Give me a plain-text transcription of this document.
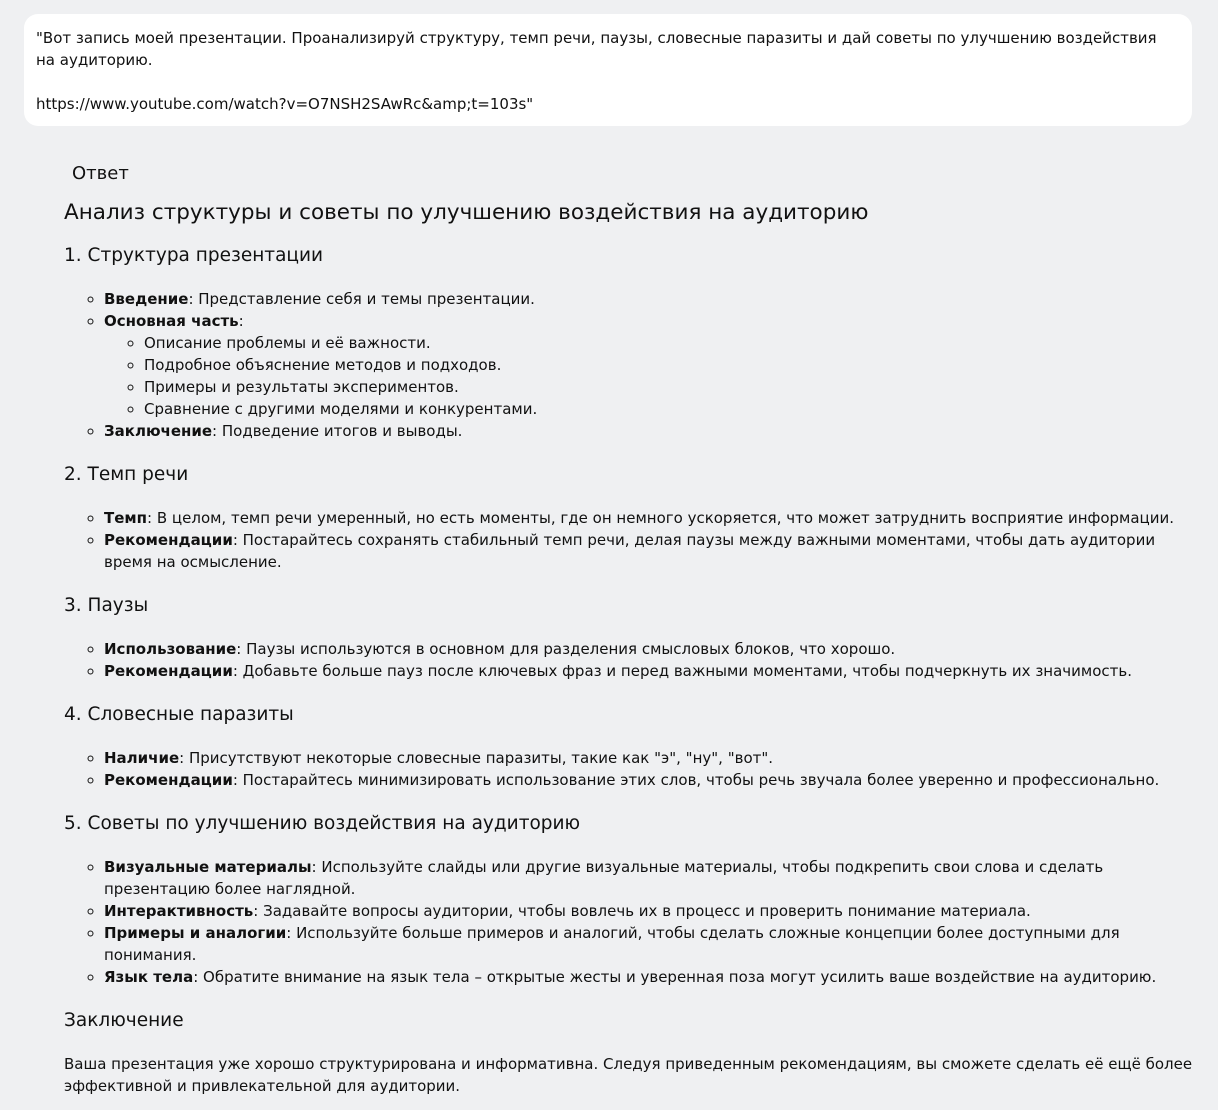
"Вот запись моей презентации. Проанализируй структуру, темп речи, паузы, словесные паразиты и дай советы по улучшению воздействия на аудиторию.

https://www.youtube.com/watch?v=O7NSH2SAwRc&amp;t=103s"

Ответ
Анализ структуры и советы по улучшению воздействия на аудиторию
1. Структура презентации
◦ Введение: Представление себя и темы презентации.
◦ Основная часть:
◦ Описание проблемы и её важности.
◦ Подробное объяснение методов и подходов.
◦ Примеры и результаты экспериментов.
◦ Сравнение с другими моделями и конкурентами.
◦ Заключение: Подведение итогов и выводы.
2. Темп речи
◦ Темп: В целом, темп речи умеренный, но есть моменты, где он немного ускоряется, что может затруднить восприятие информации.
◦ Рекомендации: Постарайтесь сохранять стабильный темп речи, делая паузы между важными моментами, чтобы дать аудитории время на осмысление.
3. Паузы
◦ Использование: Паузы используются в основном для разделения смысловых блоков, что хорошо.
◦ Рекомендации: Добавьте больше пауз после ключевых фраз и перед важными моментами, чтобы подчеркнуть их значимость.
4. Словесные паразиты
◦ Наличие: Присутствуют некоторые словесные паразиты, такие как "э", "ну", "вот".
◦ Рекомендации: Постарайтесь минимизировать использование этих слов, чтобы речь звучала более уверенно и профессионально.
5. Советы по улучшению воздействия на аудиторию
◦ Визуальные материалы: Используйте слайды или другие визуальные материалы, чтобы подкрепить свои слова и сделать презентацию более наглядной.
◦ Интерактивность: Задавайте вопросы аудитории, чтобы вовлечь их в процесс и проверить понимание материала.
◦ Примеры и аналогии: Используйте больше примеров и аналогий, чтобы сделать сложные концепции более доступными для понимания.
◦ Язык тела: Обратите внимание на язык тела – открытые жесты и уверенная поза могут усилить ваше воздействие на аудиторию.
Заключение

Ваша презентация уже хорошо структурирована и информативна. Следуя приведенным рекомендациям, вы сможете сделать её ещё более эффективной и привлекательной для аудитории.
